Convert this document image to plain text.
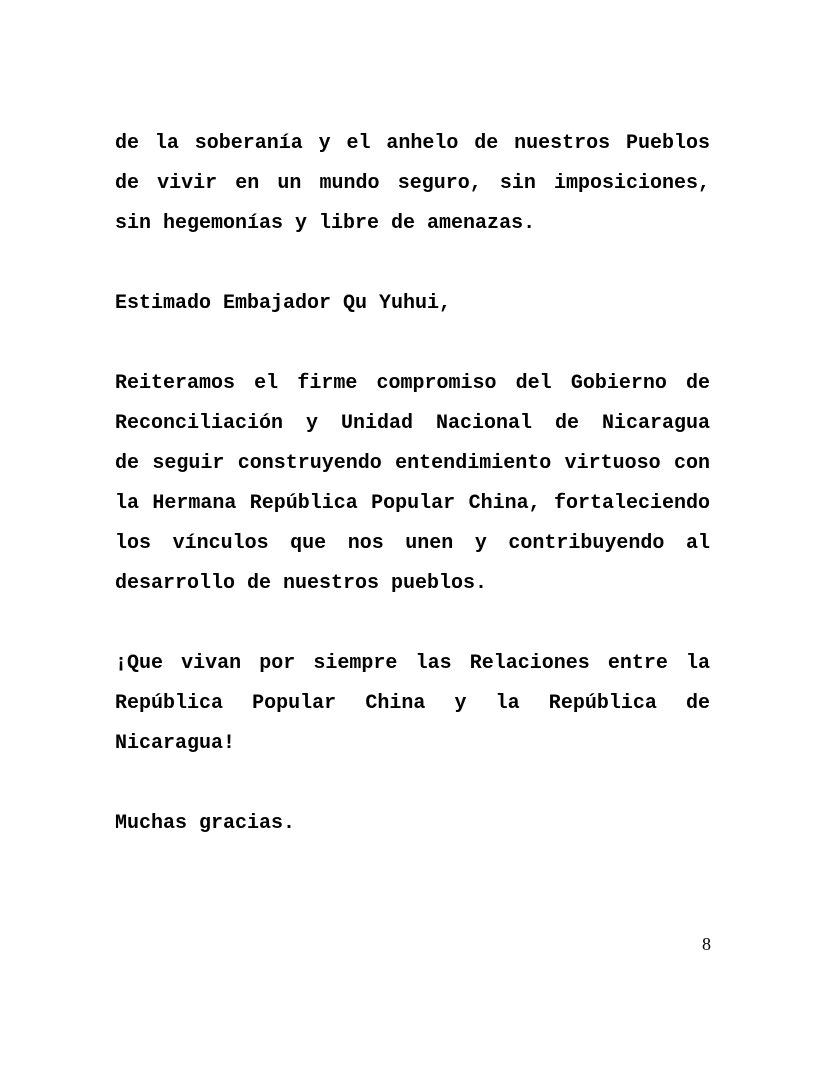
de la soberanía y el anhelo de nuestros Pueblos
de vivir en un mundo seguro, sin imposiciones,
sin hegemonías y libre de amenazas.
Estimado Embajador Qu Yuhui,
Reiteramos el firme compromiso del Gobierno de
Reconciliación y Unidad Nacional de Nicaragua
de seguir construyendo entendimiento virtuoso con
la Hermana República Popular China, fortaleciendo
los vínculos que nos unen y contribuyendo al
desarrollo de nuestros pueblos.
¡Que vivan por siempre las Relaciones entre la
República Popular China y la República de
Nicaragua!
Muchas gracias.
8
